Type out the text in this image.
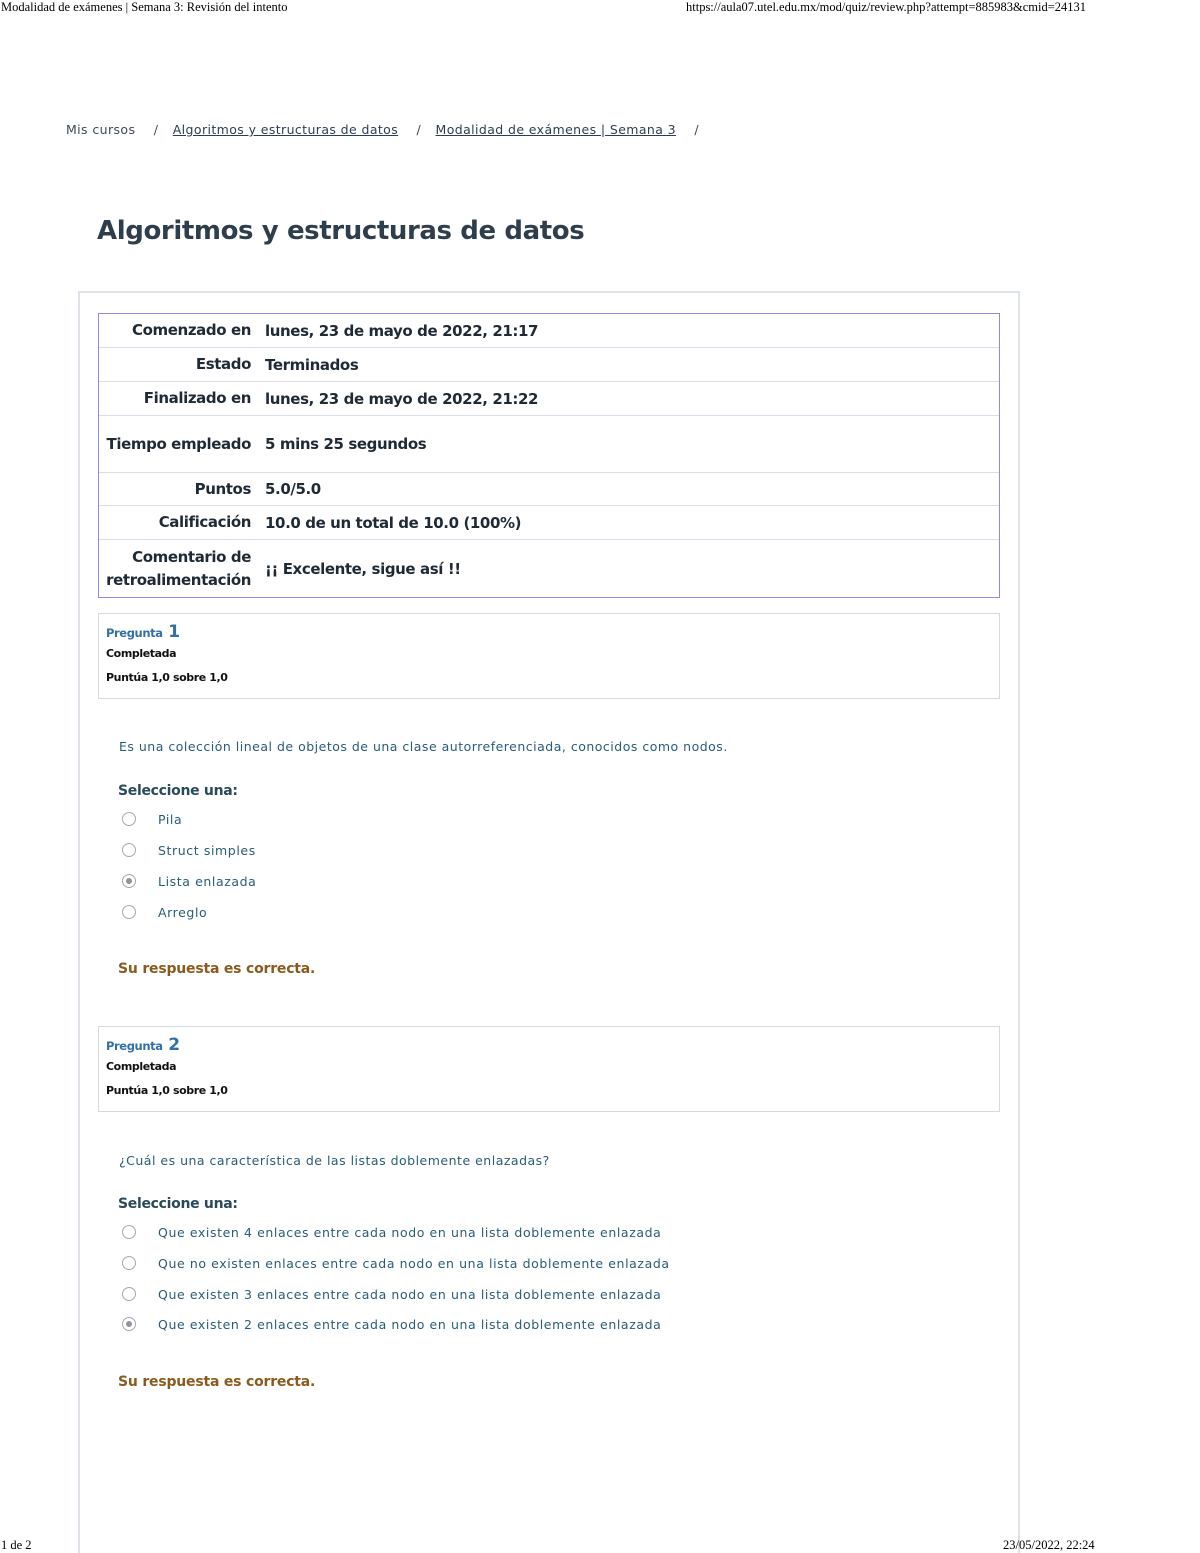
Modalidad de exámenes | Semana 3: Revisión del intento	https://aula07.utel.edu.mx/mod/quiz/review.php?attempt=885983&cmid=24131
Mis cursos / Algoritmos y estructuras de datos / Modalidad de exámenes | Semana 3 /
Algoritmos y estructuras de datos
Comenzado en lunes, 23 de mayo de 2022, 21:17
Estado Terminados
Finalizado en lunes, 23 de mayo de 2022, 21:22
Tiempo empleado 5 mins 25 segundos
Puntos 5.0/5.0
Calificación 10.0 de un total de 10.0 (100%)
Comentario de retroalimentación
¡¡ Excelente, sigue así !!
Pregunta 1
Completada
Puntúa 1,0 sobre 1,0
Es una colección lineal de objetos de una clase autorreferenciada, conocidos como nodos.
Seleccione una:
Pila
Struct simples
Lista enlazada
Arreglo
Su respuesta es correcta.
Pregunta 2
Completada
Puntúa 1,0 sobre 1,0
¿Cuál es una característica de las listas doblemente enlazadas?
Seleccione una:
Que existen 4 enlaces entre cada nodo en una lista doblemente enlazada
Que no existen enlaces entre cada nodo en una lista doblemente enlazada
Que existen 3 enlaces entre cada nodo en una lista doblemente enlazada
Que existen 2 enlaces entre cada nodo en una lista doblemente enlazada
Su respuesta es correcta.
1 de 2	23/05/2022, 22:24
